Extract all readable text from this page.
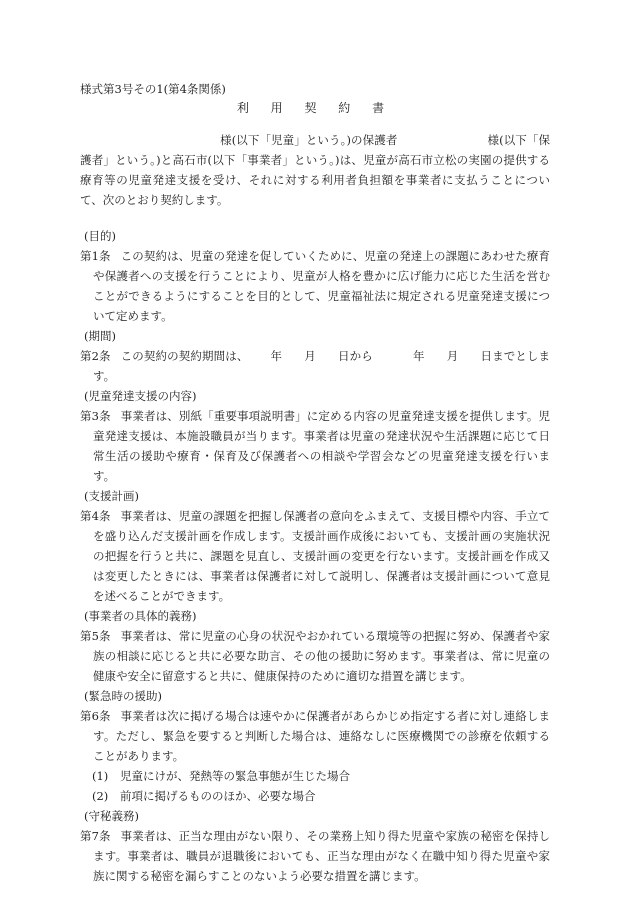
様式第3号その1(第4条関係)
利 用 契 約 書
様(以下「児童」という。)の保護者	様(以下「保護者」という。)と高石市(以下「事業者」という。)は、児童が高石市立松の実園の提供する療育等の児童発達支援を受け、それに対する利用者負担額を事業者に支払うことについて、次のとおり契約します。
(目的)
第1条 この契約は、児童の発達を促していくために、児童の発達上の課題にあわせた療育や保護者への支援を行うことにより、児童が人格を豊かに広げ能力に応じた生活を営むことができるようにすることを目的として、児童福祉法に規定される児童発達支援について定めます。
(期間)
第2条 この契約の契約期間は、 年 月 日から	年 月 日までとします。
(児童発達支援の内容)
第3条 事業者は、別紙「重要事項説明書」に定める内容の児童発達支援を提供します。児童発達支援は、本施設職員が当ります。事業者は児童の発達状況や生活課題に応じて日常生活の援助や療育・保育及び保護者への相談や学習会などの児童発達支援を行います。
(支援計画)
第4条 事業者は、児童の課題を把握し保護者の意向をふまえて、支援目標や内容、手立てを盛り込んだ支援計画を作成します。支援計画作成後においても、支援計画の実施状況の把握を行うと共に、課題を見直し、支援計画の変更を行ないます。支援計画を作成又は変更したときには、事業者は保護者に対して説明し、保護者は支援計画について意見を述べることができます。
(事業者の具体的義務)
第5条 事業者は、常に児童の心身の状況やおかれている環境等の把握に努め、保護者や家族の相談に応じると共に必要な助言、その他の援助に努めます。事業者は、常に児童の健康や安全に留意すると共に、健康保持のために適切な措置を講じます。
(緊急時の援助)
第6条 事業者は次に掲げる場合は速やかに保護者があらかじめ指定する者に対し連絡します。ただし、緊急を要すると判断した場合は、連絡なしに医療機関での診療を依頼することがあります。
(1) 児童にけが、発熱等の緊急事態が生じた場合
(2) 前項に掲げるもののほか、必要な場合
(守秘義務)
第7条 事業者は、正当な理由がない限り、その業務上知り得た児童や家族の秘密を保持します。事業者は、職員が退職後においても、正当な理由がなく在職中知り得た児童や家族に関する秘密を漏らすことのないよう必要な措置を講じます。
